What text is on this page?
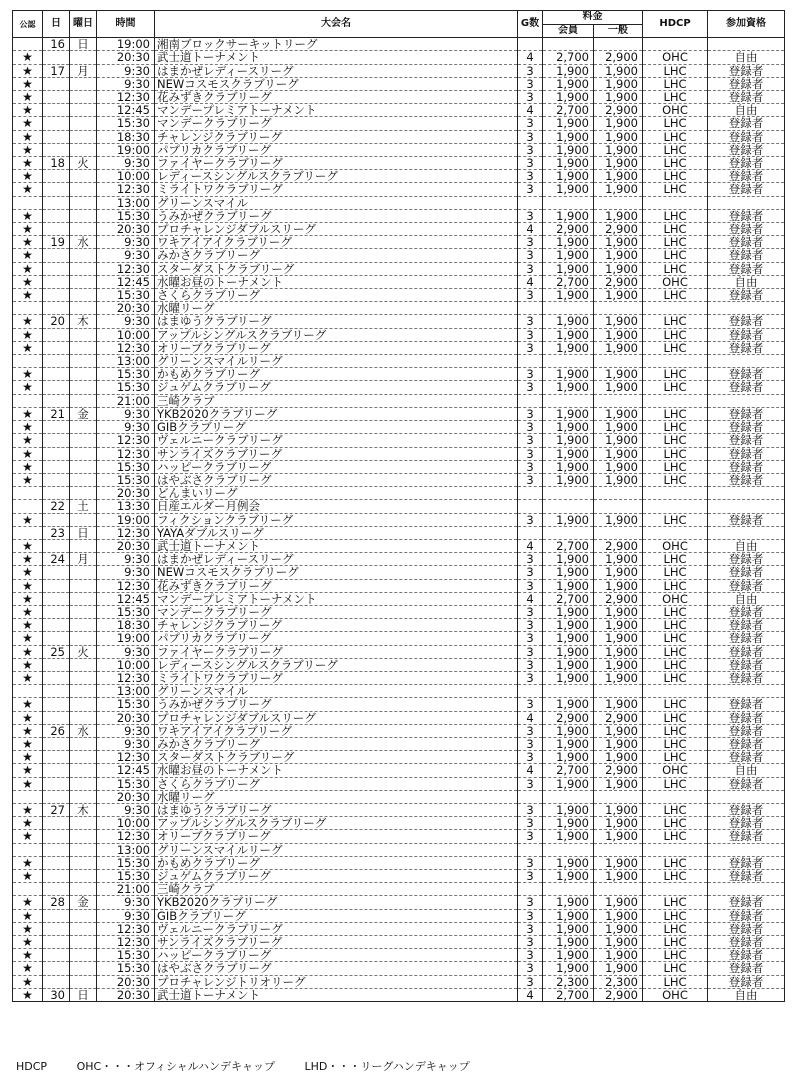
公認	日	曜日	時間	大会名	G数	料金		HDCP	参加資格
						会員	一般		
	16	日	19:00	湘南ブロックサーキットリーグ					
★			20:30	武士道トーナメント	4	2,700	2,900	OHC	自由
★	17	月	9:30	はまかぜレディースリーグ	3	1,900	1,900	LHC	登録者
★			9:30	NEWコスモスクラブリーグ	3	1,900	1,900	LHC	登録者
★			12:30	花みずきクラブリーグ	3	1,900	1,900	LHC	登録者
★			12:45	マンデープレミアトーナメント	4	2,700	2,900	OHC	自由
★			15:30	マンデークラブリーグ	3	1,900	1,900	LHC	登録者
★			18:30	チャレンジクラブリーグ	3	1,900	1,900	LHC	登録者
★			19:00	パプリカクラブリーグ	3	1,900	1,900	LHC	登録者
★	18	火	9:30	ファイヤークラブリーグ	3	1,900	1,900	LHC	登録者
★			10:00	レディースシングルスクラブリーグ	3	1,900	1,900	LHC	登録者
★			12:30	ミライトワクラブリーグ	3	1,900	1,900	LHC	登録者
			13:00	グリーンスマイル					
★			15:30	うみかぜクラブリーグ	3	1,900	1,900	LHC	登録者
★			20:30	プロチャレンジダブルスリーグ	4	2,900	2,900	LHC	登録者
★	19	水	9:30	ワキアイアイクラブリーグ	3	1,900	1,900	LHC	登録者
★			9:30	みかさクラブリーグ	3	1,900	1,900	LHC	登録者
★			12:30	スターダストクラブリーグ	3	1,900	1,900	LHC	登録者
★			12:45	水曜お昼のトーナメント	4	2,700	2,900	OHC	自由
★			15:30	さくらクラブリーグ	3	1,900	1,900	LHC	登録者
			20:30	水曜リーグ					
★	20	木	9:30	はまゆうクラブリーグ	3	1,900	1,900	LHC	登録者
★			10:00	アップルシングルスクラブリーグ	3	1,900	1,900	LHC	登録者
★			12:30	オリーブクラブリーグ	3	1,900	1,900	LHC	登録者
			13:00	グリーンスマイルリーグ					
★			15:30	かもめクラブリーグ	3	1,900	1,900	LHC	登録者
★			15:30	ジュゲムクラブリーグ	3	1,900	1,900	LHC	登録者
			21:00	三崎クラブ					
★	21	金	9:30	YKB2020クラブリーグ	3	1,900	1,900	LHC	登録者
★			9:30	GIBクラブリーグ	3	1,900	1,900	LHC	登録者
★			12:30	ヴェルニークラブリーグ	3	1,900	1,900	LHC	登録者
★			12:30	サンライズクラブリーグ	3	1,900	1,900	LHC	登録者
★			15:30	ハッピークラブリーグ	3	1,900	1,900	LHC	登録者
★			15:30	はやぶさクラブリーグ	3	1,900	1,900	LHC	登録者
			20:30	どんまいリーグ					
	22	土	13:30	日産エルダー月例会					
★			19:00	フィクションクラブリーグ	3	1,900	1,900	LHC	登録者
	23	日	12:30	YAYAダブルスリーグ					
★			20:30	武士道トーナメント	4	2,700	2,900	OHC	自由
★	24	月	9:30	はまかぜレディースリーグ	3	1,900	1,900	LHC	登録者
★			9:30	NEWコスモスクラブリーグ	3	1,900	1,900	LHC	登録者
★			12:30	花みずきクラブリーグ	3	1,900	1,900	LHC	登録者
★			12:45	マンデープレミアトーナメント	4	2,700	2,900	OHC	自由
★			15:30	マンデークラブリーグ	3	1,900	1,900	LHC	登録者
★			18:30	チャレンジクラブリーグ	3	1,900	1,900	LHC	登録者
★			19:00	パプリカクラブリーグ	3	1,900	1,900	LHC	登録者
★	25	火	9:30	ファイヤークラブリーグ	3	1,900	1,900	LHC	登録者
★			10:00	レディースシングルスクラブリーグ	3	1,900	1,900	LHC	登録者
★			12:30	ミライトワクラブリーグ	3	1,900	1,900	LHC	登録者
			13:00	グリーンスマイル					
★			15:30	うみかぜクラブリーグ	3	1,900	1,900	LHC	登録者
★			20:30	プロチャレンジダブルスリーグ	4	2,900	2,900	LHC	登録者
★	26	水	9:30	ワキアイアイクラブリーグ	3	1,900	1,900	LHC	登録者
★			9:30	みかさクラブリーグ	3	1,900	1,900	LHC	登録者
★			12:30	スターダストクラブリーグ	3	1,900	1,900	LHC	登録者
★			12:45	水曜お昼のトーナメント	4	2,700	2,900	OHC	自由
★			15:30	さくらクラブリーグ	3	1,900	1,900	LHC	登録者
			20:30	水曜リーグ					
★	27	木	9:30	はまゆうクラブリーグ	3	1,900	1,900	LHC	登録者
★			10:00	アップルシングルスクラブリーグ	3	1,900	1,900	LHC	登録者
★			12:30	オリーブクラブリーグ	3	1,900	1,900	LHC	登録者
			13:00	グリーンスマイルリーグ					
★			15:30	かもめクラブリーグ	3	1,900	1,900	LHC	登録者
★			15:30	ジュゲムクラブリーグ	3	1,900	1,900	LHC	登録者
			21:00	三崎クラブ					
★	28	金	9:30	YKB2020クラブリーグ	3	1,900	1,900	LHC	登録者
★			9:30	GIBクラブリーグ	3	1,900	1,900	LHC	登録者
★			12:30	ヴェルニークラブリーグ	3	1,900	1,900	LHC	登録者
★			12:30	サンライズクラブリーグ	3	1,900	1,900	LHC	登録者
★			15:30	ハッピークラブリーグ	3	1,900	1,900	LHC	登録者
★			15:30	はやぶさクラブリーグ	3	1,900	1,900	LHC	登録者
★			20:30	プロチャレンジトリオリーグ	3	2,300	2,300	LHC	登録者
★	30	日	20:30	武士道トーナメント	4	2,700	2,900	OHC	自由
HDCP	OHC・・・オフィシャルハンデキャップ	LHD・・・リーグハンデキャップ
